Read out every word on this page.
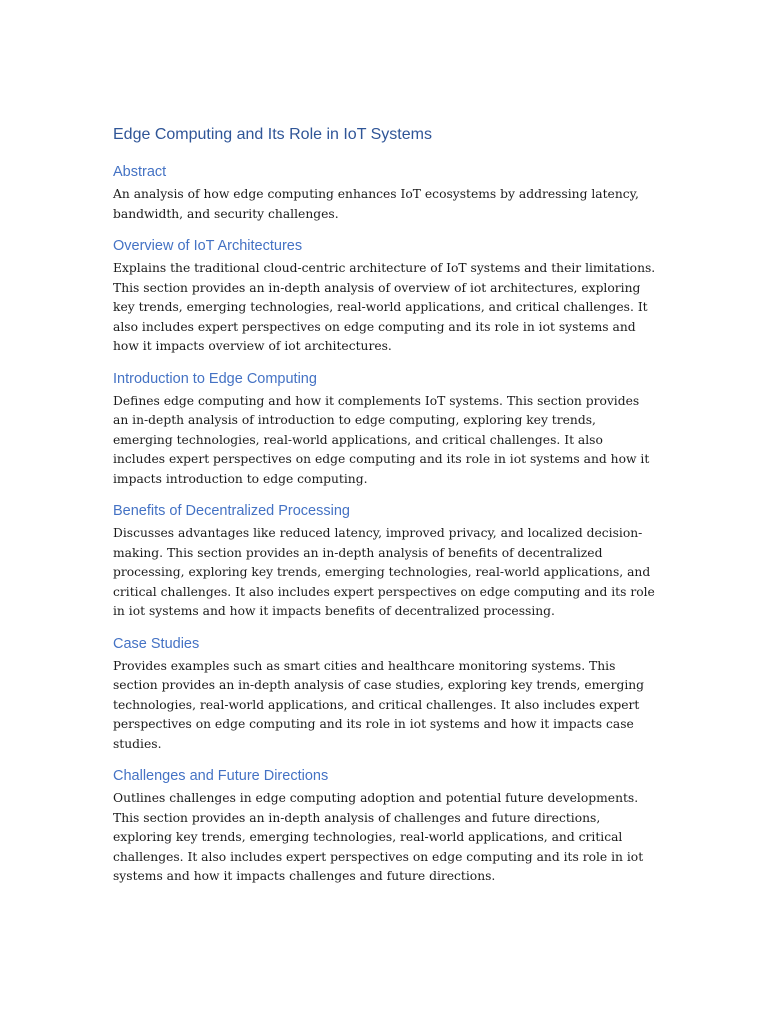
Edge Computing and Its Role in IoT Systems
Abstract

An analysis of how edge computing enhances IoT ecosystems by addressing latency, bandwidth, and security challenges.

Overview of IoT Architectures

Explains the traditional cloud-centric architecture of IoT systems and their limitations. This section provides an in-depth analysis of overview of iot architectures, exploring key trends, emerging technologies, real-world applications, and critical challenges. It also includes expert perspectives on edge computing and its role in iot systems and how it impacts overview of iot architectures.

Introduction to Edge Computing

Defines edge computing and how it complements IoT systems. This section provides an in-depth analysis of introduction to edge computing, exploring key trends, emerging technologies, real-world applications, and critical challenges. It also includes expert perspectives on edge computing and its role in iot systems and how it impacts introduction to edge computing.

Benefits of Decentralized Processing

Discusses advantages like reduced latency, improved privacy, and localized decision-making. This section provides an in-depth analysis of benefits of decentralized processing, exploring key trends, emerging technologies, real-world applications, and critical challenges. It also includes expert perspectives on edge computing and its role in iot systems and how it impacts benefits of decentralized processing.

Case Studies

Provides examples such as smart cities and healthcare monitoring systems. This section provides an in-depth analysis of case studies, exploring key trends, emerging technologies, real-world applications, and critical challenges. It also includes expert perspectives on edge computing and its role in iot systems and how it impacts case studies.

Challenges and Future Directions

Outlines challenges in edge computing adoption and potential future developments. This section provides an in-depth analysis of challenges and future directions, exploring key trends, emerging technologies, real-world applications, and critical challenges. It also includes expert perspectives on edge computing and its role in iot systems and how it impacts challenges and future directions.
